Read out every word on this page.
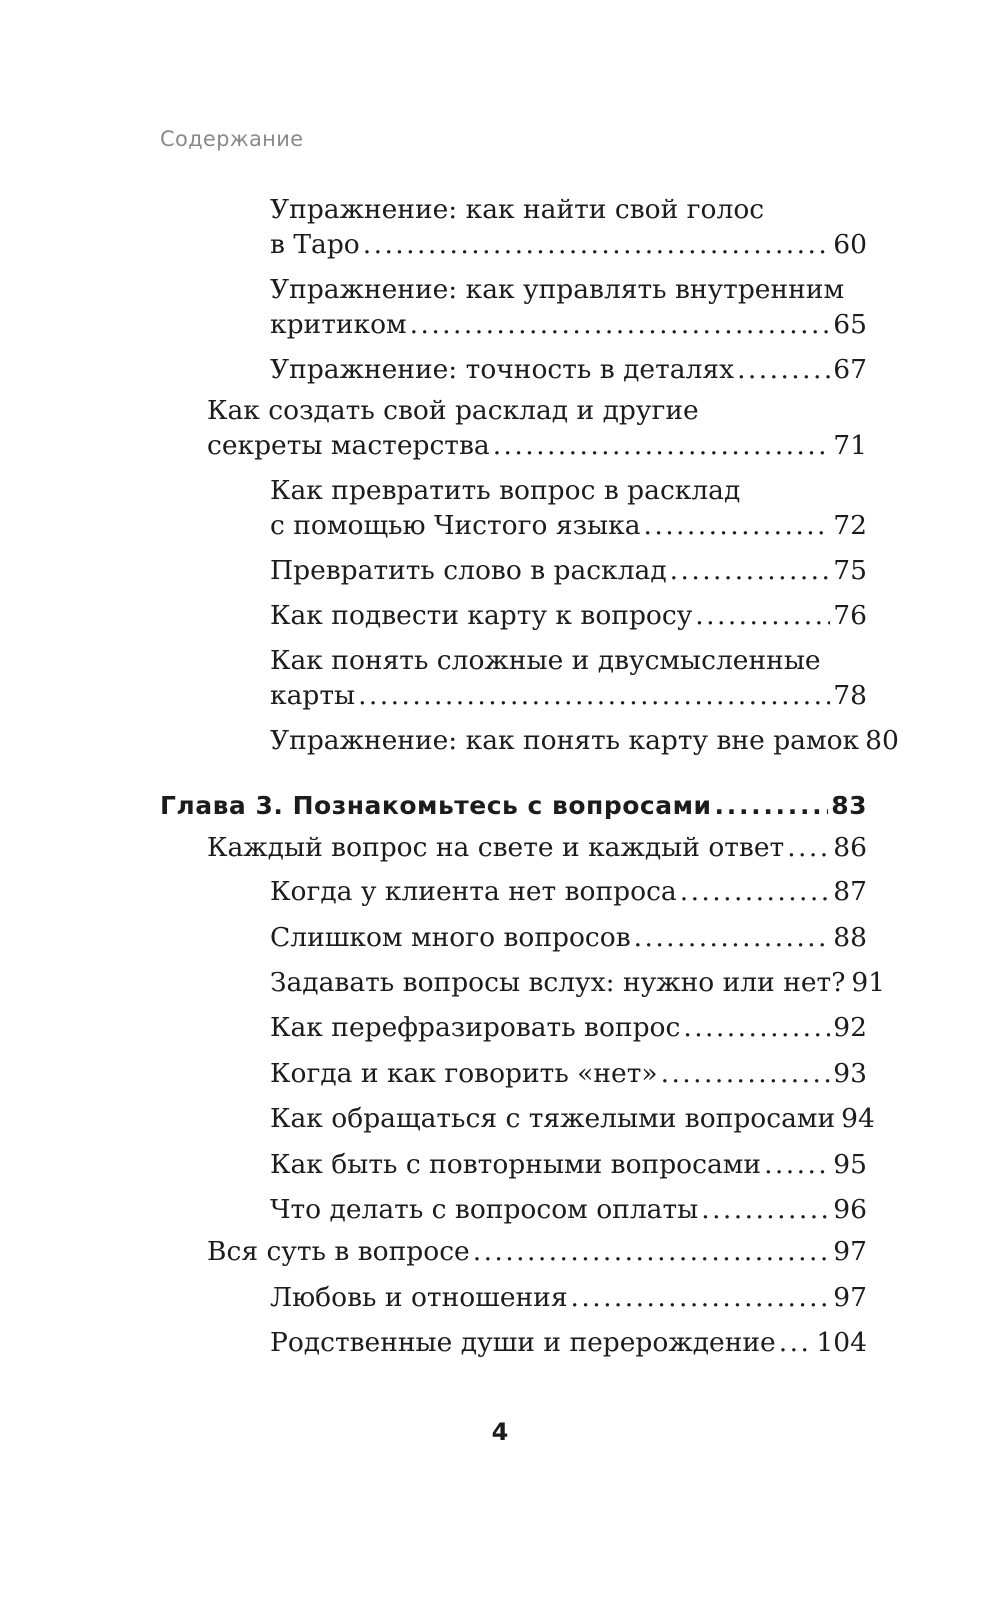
Содержание
Упражнение: как найти свой голос
в Таро . . .	60
Упражнение: как управлять внутренним
критиком . . .	65
Упражнение: точность в деталях . . .	67
Как создать свой расклад и другие
секреты мастерства . . .	71
Как превратить вопрос в расклад
с помощью Чистого языка . . .	72
Превратить слово в расклад . . .	75
Как подвести карту к вопросу . . .	76
Как понять сложные и двусмысленные
карты . . .	78
Упражнение: как понять карту вне рамок 80
Глава 3. Познакомьтесь с вопросами . . .	83
Каждый вопрос на свете и каждый ответ . . . 86
Когда у клиента нет вопроса . . .	87
Слишком много вопросов . . .	88
Задавать вопросы вслух: нужно или нет? 91
Как перефразировать вопрос . . .	92
Когда и как говорить «нет» . . .	93
Как обращаться с тяжелыми вопросами 94
Как быть с повторными вопросами . . .	95
Что делать с вопросом оплаты . . .	96
Вся суть в вопросе . . .	97
Любовь и отношения . . .	97
Родственные души и перерождение . . . 104
4
